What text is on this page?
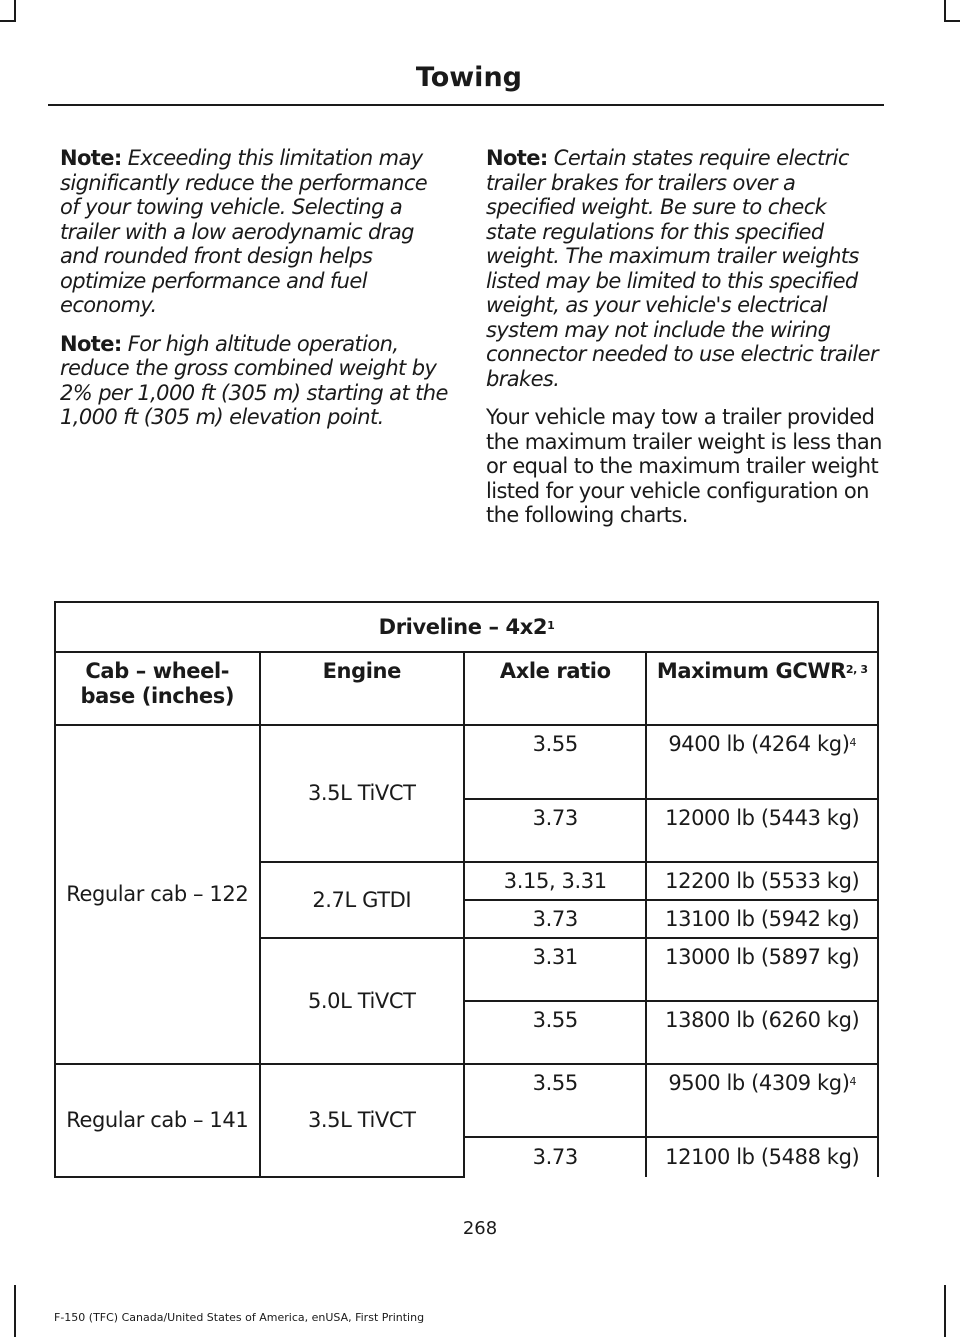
Towing

Note: Exceeding this limitation may significantly reduce the performance of your towing vehicle. Selecting a trailer with a low aerodynamic drag and rounded front design helps optimize performance and fuel economy.

Note: For high altitude operation, reduce the gross combined weight by 2% per 1,000 ft (305 m) starting at the 1,000 ft (305 m) elevation point.

Note: Certain states require electric trailer brakes for trailers over a specified weight. Be sure to check state regulations for this specified weight. The maximum trailer weights listed may be limited to this specified weight, as your vehicle's electrical system may not include the wiring connector needed to use electric trailer brakes.

Your vehicle may tow a trailer provided the maximum trailer weight is less than or equal to the maximum trailer weight listed for your vehicle configuration on the following charts.

Driveline – $4x2^1$
Cab – wheel-base (inches)	Engine	Axle ratio	Maximum GCWR$^{2, 3}$
Regular cab – 122	3.5L TiVCT	3.55	9400 lb (4264 kg)$^4$
		3.73	12000 lb (5443 kg)
	2.7L GTDI	3.15, 3.31	12200 lb (5533 kg)
		3.73	13100 lb (5942 kg)
	5.0L TiVCT	3.31	13000 lb (5897 kg)
		3.55	13800 lb (6260 kg)
Regular cab – 141	3.5L TiVCT	3.55	9500 lb (4309 kg)$^4$
		3.73	12100 lb (5488 kg)
268
F-150 (TFC) Canada/United States of America, enUSA, First Printing
